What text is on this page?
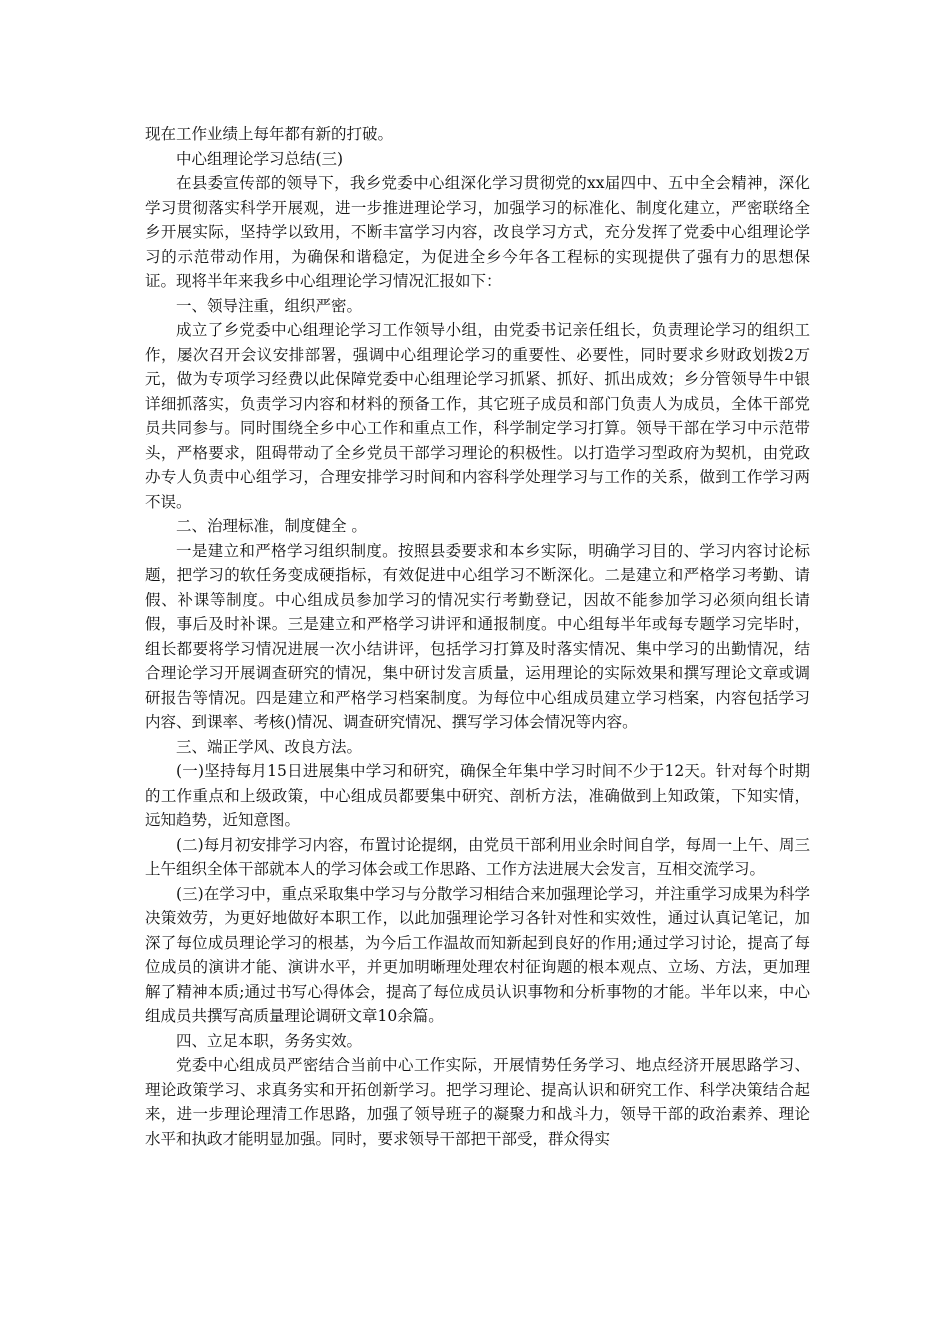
现在工作业绩上每年都有新的打破。

中心组理论学习总结(三)

在县委宣传部的领导下，我乡党委中心组深化学习贯彻党的xx届四中、五中全会精神，深化学习贯彻落实科学开展观，进一步推进理论学习，加强学习的标准化、制度化建立，严密联络全乡开展实际，坚持学以致用，不断丰富学习内容，改良学习方式，充分发挥了党委中心组理论学习的示范带动作用，为确保和谐稳定，为促进全乡今年各工程标的实现提供了强有力的思想保证。现将半年来我乡中心组理论学习情况汇报如下：

一、领导注重，组织严密。

成立了乡党委中心组理论学习工作领导小组，由党委书记亲任组长，负责理论学习的组织工作，屡次召开会议安排部署，强调中心组理论学习的重要性、必要性，同时要求乡财政划拨2万元，做为专项学习经费以此保障党委中心组理论学习抓紧、抓好、抓出成效；乡分管领导牛中银详细抓落实，负责学习内容和材料的预备工作，其它班子成员和部门负责人为成员，全体干部党员共同参与。同时围绕全乡中心工作和重点工作，科学制定学习打算。领导干部在学习中示范带头，严格要求，阻碍带动了全乡党员干部学习理论的积极性。以打造学习型政府为契机，由党政办专人负责中心组学习，合理安排学习时间和内容科学处理学习与工作的关系，做到工作学习两不误。

二、治理标准，制度健全 。

一是建立和严格学习组织制度。按照县委要求和本乡实际，明确学习目的、学习内容讨论标题，把学习的软任务变成硬指标，有效促进中心组学习不断深化。二是建立和严格学习考勤、请假、补课等制度。中心组成员参加学习的情况实行考勤登记，因故不能参加学习必须向组长请假，事后及时补课。三是建立和严格学习讲评和通报制度。中心组每半年或每专题学习完毕时，组长都要将学习情况进展一次小结讲评，包括学习打算及时落实情况、集中学习的出勤情况，结合理论学习开展调查研究的情况，集中研讨发言质量，运用理论的实际效果和撰写理论文章或调研报告等情况。四是建立和严格学习档案制度。为每位中心组成员建立学习档案，内容包括学习内容、到课率、考核()情况、调查研究情况、撰写学习体会情况等内容。

三、端正学风、改良方法。

(一)坚持每月15日进展集中学习和研究，确保全年集中学习时间不少于12天。针对每个时期的工作重点和上级政策，中心组成员都要集中研究、剖析方法，准确做到上知政策，下知实情，远知趋势，近知意图。

(二)每月初安排学习内容，布置讨论提纲，由党员干部利用业余时间自学，每周一上午、周三上午组织全体干部就本人的学习体会或工作思路、工作方法进展大会发言，互相交流学习。

(三)在学习中，重点采取集中学习与分散学习相结合来加强理论学习，并注重学习成果为科学决策效劳，为更好地做好本职工作，以此加强理论学习各针对性和实效性，通过认真记笔记，加深了每位成员理论学习的根基，为今后工作温故而知新起到良好的作用;通过学习讨论，提高了每位成员的演讲才能、演讲水平，并更加明晰理处理农村征询题的根本观点、立场、方法，更加理解了精神本质;通过书写心得体会，提高了每位成员认识事物和分析事物的才能。半年以来，中心组成员共撰写高质量理论调研文章10余篇。

四、立足本职，务务实效。

党委中心组成员严密结合当前中心工作实际，开展情势任务学习、地点经济开展思路学习、理论政策学习、求真务实和开拓创新学习。把学习理论、提高认识和研究工作、科学决策结合起来，进一步理论理清工作思路，加强了领导班子的凝聚力和战斗力，领导干部的政治素养、理论水平和执政才能明显加强。同时，要求领导干部把干部受，群众得实
